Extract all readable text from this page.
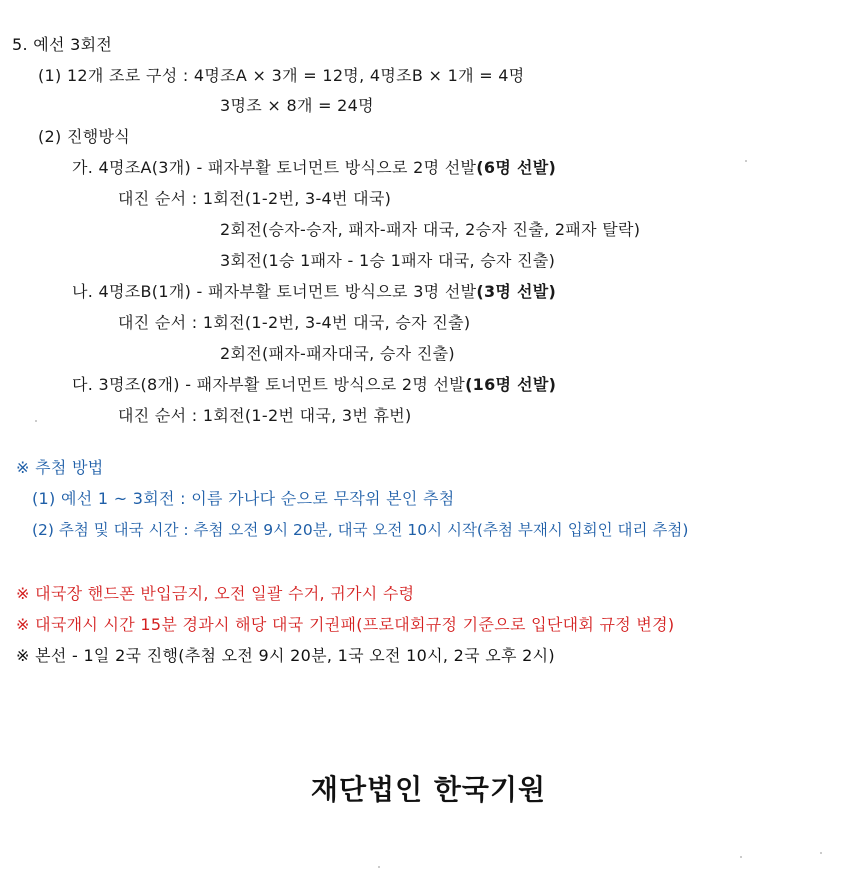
5. 예선 3회전
(1) 12개 조로 구성 : 4명조A × 3개 = 12명, 4명조B × 1개 = 4명
3명조 × 8개 = 24명
(2) 진행방식
가. 4명조A(3개) - 패자부활 토너먼트 방식으로 2명 선발(6명 선발)
대진 순서 : 1회전(1-2번, 3-4번 대국)
2회전(승자-승자, 패자-패자 대국, 2승자 진출, 2패자 탈락)
3회전(1승 1패자 - 1승 1패자 대국, 승자 진출)
나. 4명조B(1개) - 패자부활 토너먼트 방식으로 3명 선발(3명 선발)
대진 순서 : 1회전(1-2번, 3-4번 대국, 승자 진출)
2회전(패자-패자대국, 승자 진출)
다. 3명조(8개) - 패자부활 토너먼트 방식으로 2명 선발(16명 선발)
대진 순서 : 1회전(1-2번 대국, 3번 휴번)
※ 추첨 방법
(1) 예선 1 ~ 3회전 : 이름 가나다 순으로 무작위 본인 추첨
(2) 추첨 및 대국 시간 : 추첨 오전 9시 20분, 대국 오전 10시 시작(추첨 부재시 입회인 대리 추첨)
※ 대국장 핸드폰 반입금지, 오전 일괄 수거, 귀가시 수령
※ 대국개시 시간 15분 경과시 해당 대국 기권패(프로대회규정 기준으로 입단대회 규정 변경)
※ 본선 - 1일 2국 진행(추첨 오전 9시 20분, 1국 오전 10시, 2국 오후 2시)
재단법인 한국기원
